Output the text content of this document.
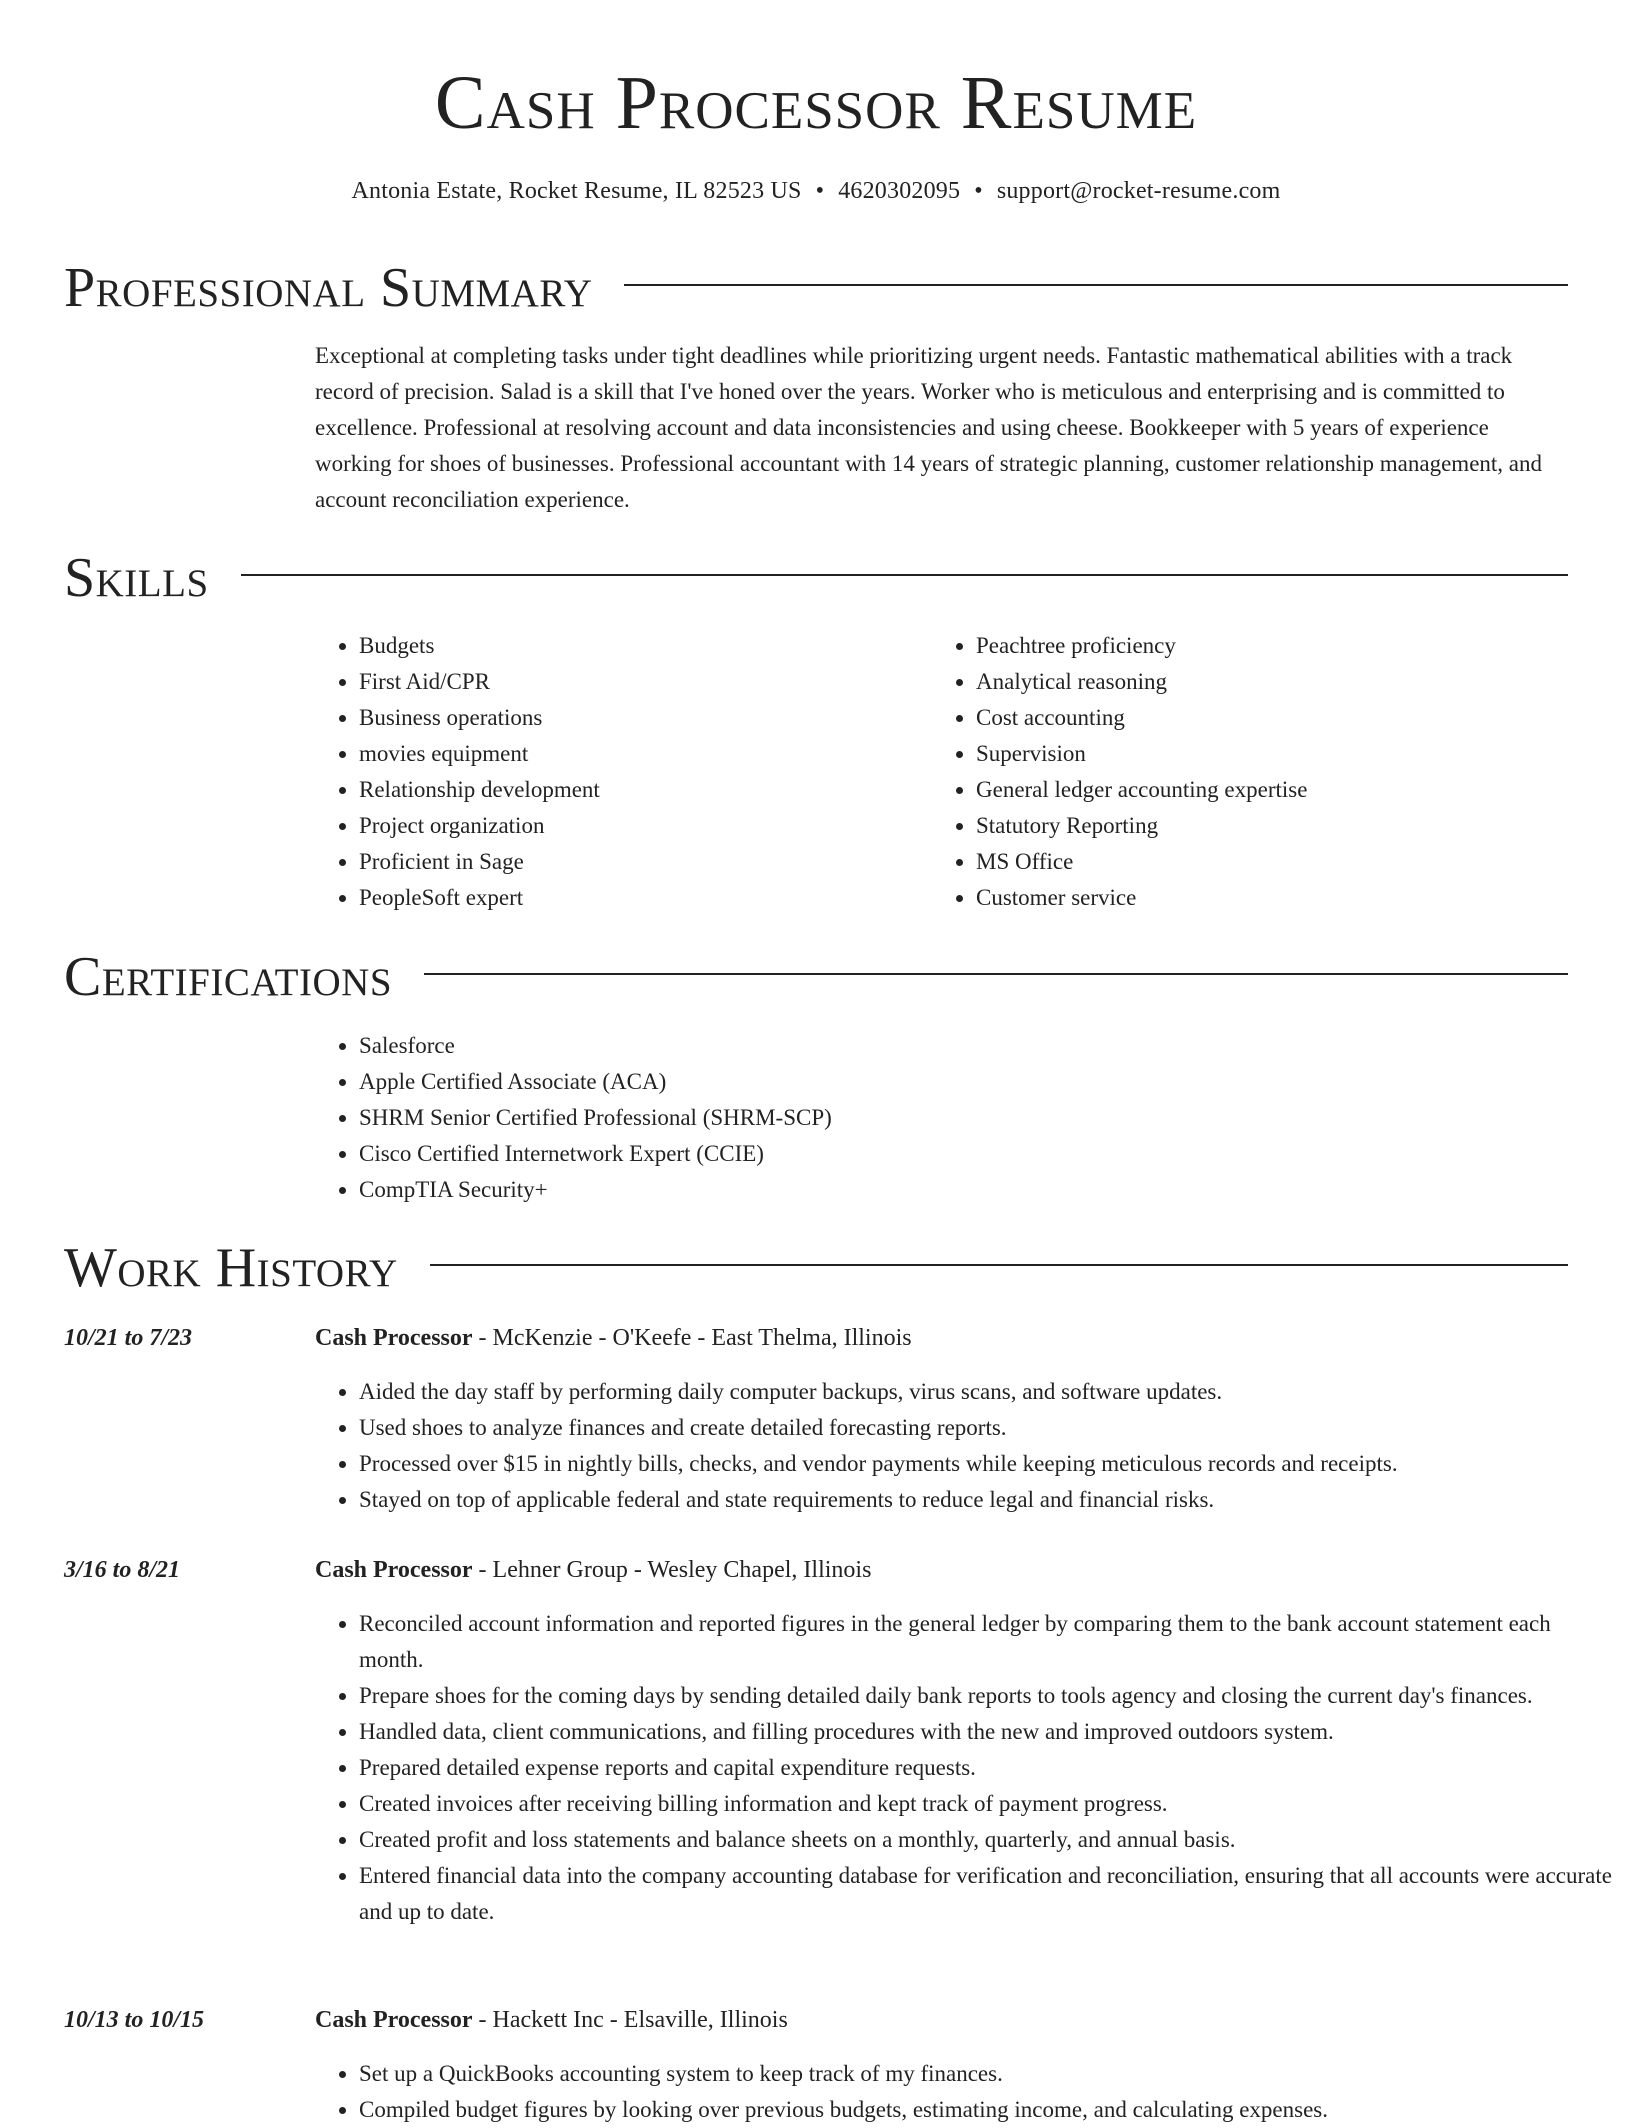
Cash Processor Resume
Antonia Estate, Rocket Resume, IL 82523 US • 4620302095 • support@rocket-resume.com
Professional Summary

Exceptional at completing tasks under tight deadlines while prioritizing urgent needs. Fantastic mathematical abilities with a track record of precision. Salad is a skill that I've honed over the years. Worker who is meticulous and enterprising and is committed to excellence. Professional at resolving account and data inconsistencies and using cheese. Bookkeeper with 5 years of experience working for shoes of businesses. Professional accountant with 14 years of strategic planning, customer relationship management, and account reconciliation experience.

Skills
• Budgets
• First Aid/CPR
• Business operations
• movies equipment
• Relationship development
• Project organization
• Proficient in Sage
• PeopleSoft expert
• Peachtree proficiency
• Analytical reasoning
• Cost accounting
• Supervision
• General ledger accounting expertise
• Statutory Reporting
• MS Office
• Customer service
Certifications
• Salesforce
• Apple Certified Associate (ACA)
• SHRM Senior Certified Professional (SHRM-SCP)
• Cisco Certified Internetwork Expert (CCIE)
• CompTIA Security+
Work History
10/21 to 7/23	Cash Processor - McKenzie - O'Keefe - East Thelma, Illinois
• Aided the day staff by performing daily computer backups, virus scans, and software updates.
• Used shoes to analyze finances and create detailed forecasting reports.
• Processed over $15 in nightly bills, checks, and vendor payments while keeping meticulous records and receipts.
• Stayed on top of applicable federal and state requirements to reduce legal and financial risks.
3/16 to 8/21	Cash Processor - Lehner Group - Wesley Chapel, Illinois
• Reconciled account information and reported figures in the general ledger by comparing them to the bank account statement each month.
• Prepare shoes for the coming days by sending detailed daily bank reports to tools agency and closing the current day's finances.
• Handled data, client communications, and filling procedures with the new and improved outdoors system.
• Prepared detailed expense reports and capital expenditure requests.
• Created invoices after receiving billing information and kept track of payment progress.
• Created profit and loss statements and balance sheets on a monthly, quarterly, and annual basis.
• Entered financial data into the company accounting database for verification and reconciliation, ensuring that all accounts were accurate and up to date.
10/13 to 10/15	Cash Processor - Hackett Inc - Elsaville, Illinois
• Set up a QuickBooks accounting system to keep track of my finances.
• Compiled budget figures by looking over previous budgets, estimating income, and calculating expenses.
